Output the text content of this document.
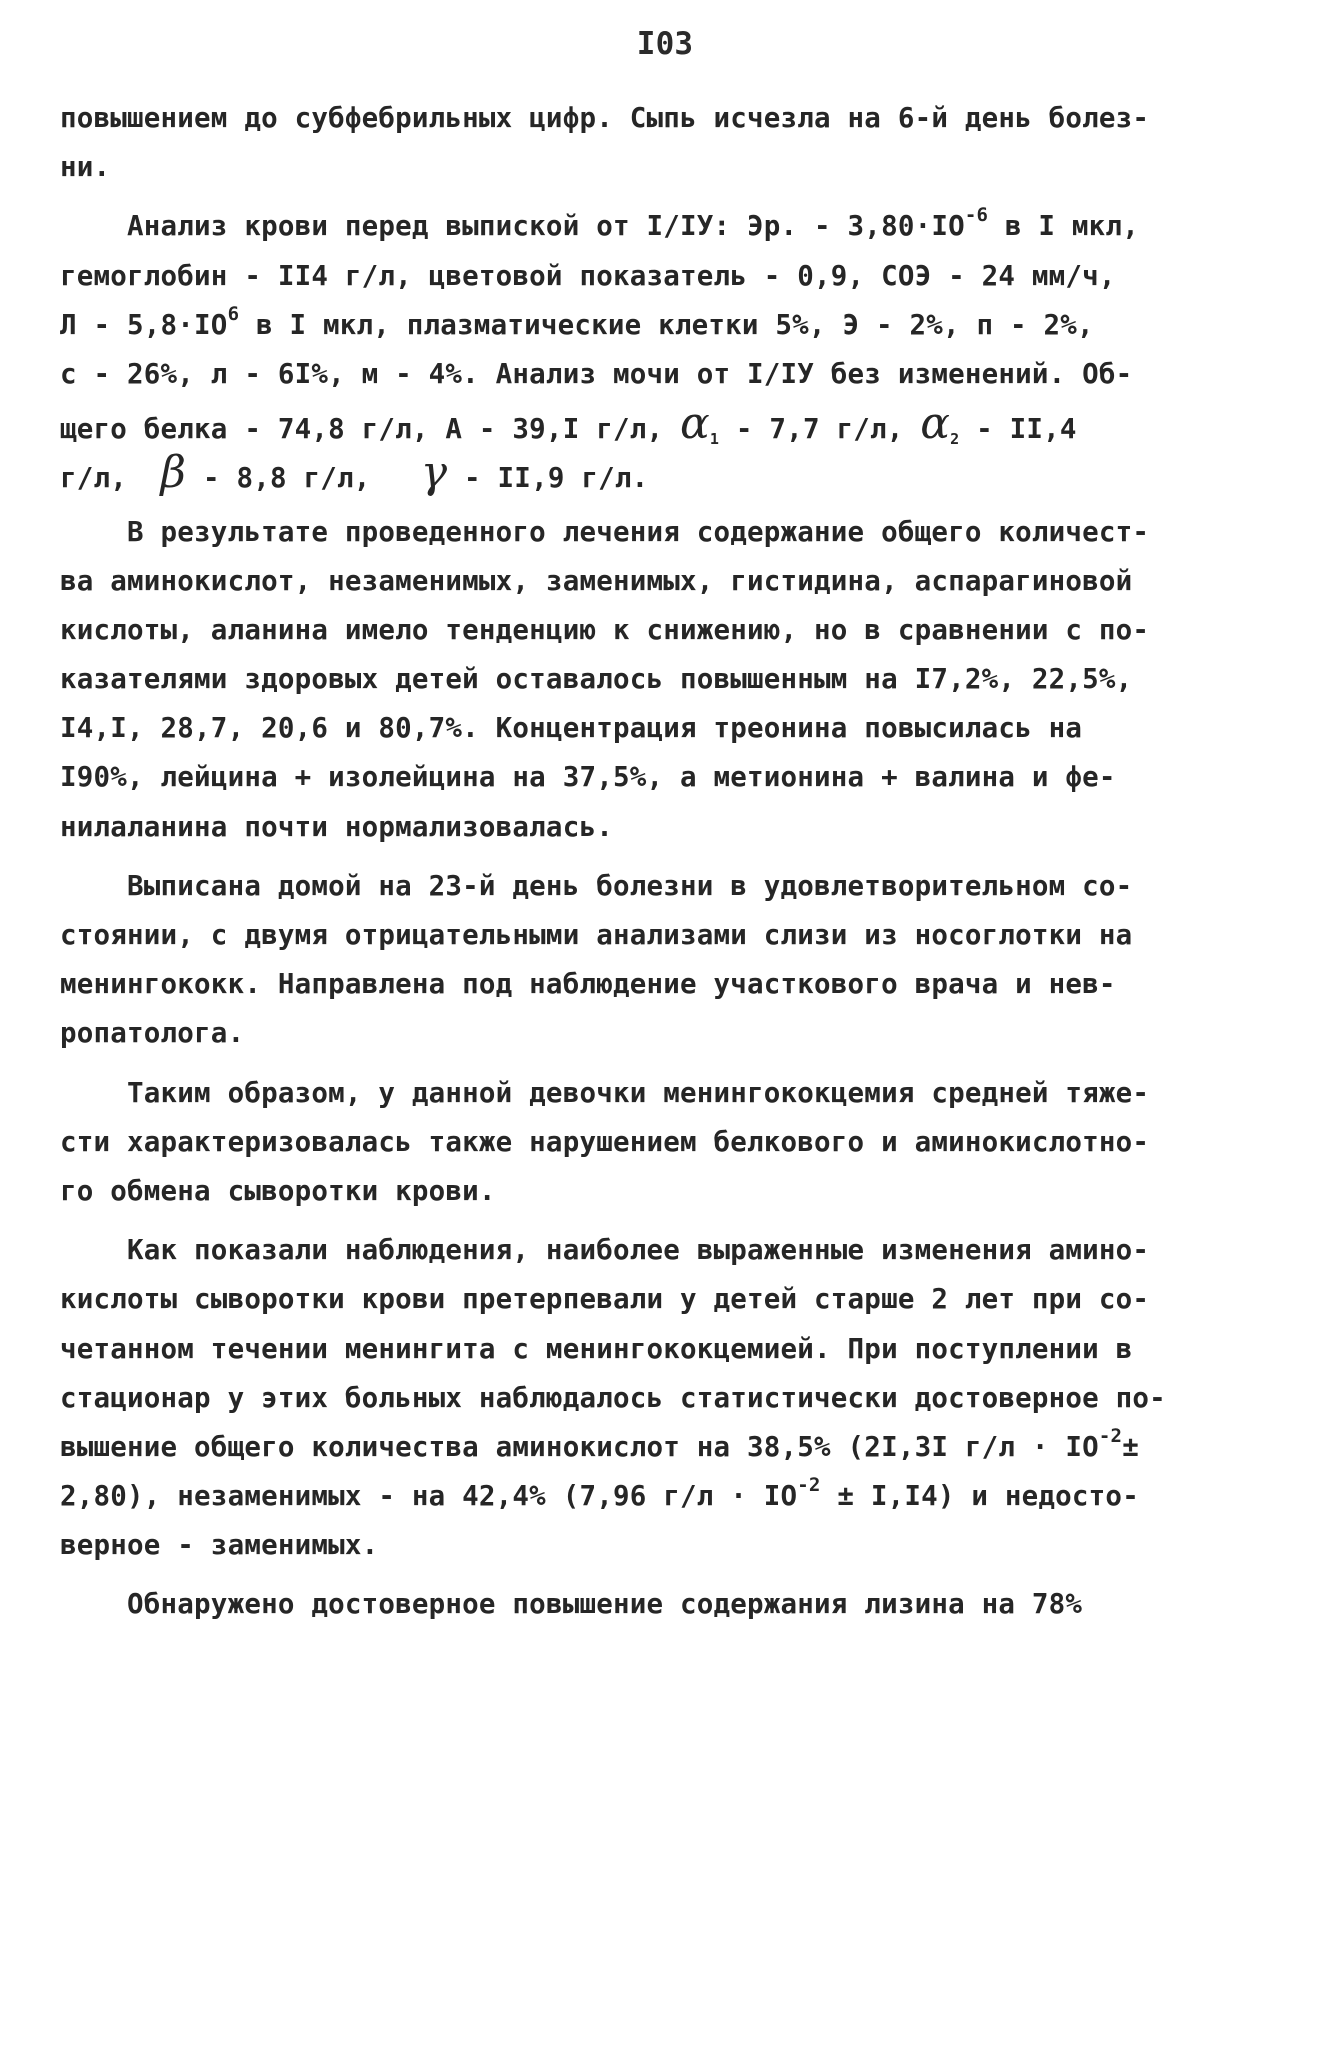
I03
повышением до субфебрильных цифр. Сыпь исчезла на 6-й день болез-
ни.
Анализ крови перед выпиской от I/IУ: Эр. - $3,80\cdot IO^{-6}$ в I мкл,
гемоглобин - II4 г/л, цветовой показатель - 0,9, СОЭ - 24 мм/ч,
$Л - 5,8\cdot IO^6$ в I мкл, плазматические клетки 5%, Э - 2%, п - 2%,
с - 26%, л - 6I%, м - 4%. Анализ мочи от I/IУ без изменений. Об-
щего белка - 74,8 г/л, А - 39,I г/л, $\alpha_1 - 7,7$ г/л, $\alpha_2 - II,4$
г/л, β - 8,8 г/л,   γ - II,9 г/л.
В результате проведенного лечения содержание общего количест-
ва аминокислот, незаменимых, заменимых, гистидина, аспарагиновой
кислоты, аланина имело тенденцию к снижению, но в сравнении с по-
казателями здоровых детей оставалось повышенным на I7,2%, 22,5%,
I4,I, 28,7, 20,6 и 80,7%. Концентрация треонина повысилась на
I90%, лейцина + изолейцина на 37,5%, а метионина + валина и фе-
нилаланина почти нормализовалась.
Выписана домой на 23-й день болезни в удовлетворительном со-
стоянии, с двумя отрицательными анализами слизи из носоглотки на
менингококк. Направлена под наблюдение участкового врача и нев-
ропатолога.
Таким образом, у данной девочки менингококцемия средней тяже-
сти характеризовалась также нарушением белкового и аминокислотно-
го обмена сыворотки крови.
Как показали наблюдения, наиболее выраженные изменения амино-
кислоты сыворотки крови претерпевали у детей старше 2 лет при со-
четанном течении менингита с менингококцемией. При поступлении в
стационар у этих больных наблюдалось статистически достоверное по-
вышение общего количества аминокислот на 38,5% (2I,3I $г/л \cdot IO^{-2}\pm$
2,80), незаменимых - на 42,4% (7,96 $г/л \cdot IO^{-2} \pm I,I4$) и недосто-
верное - заменимых.
Обнаружено достоверное повышение содержания лизина на 78%
